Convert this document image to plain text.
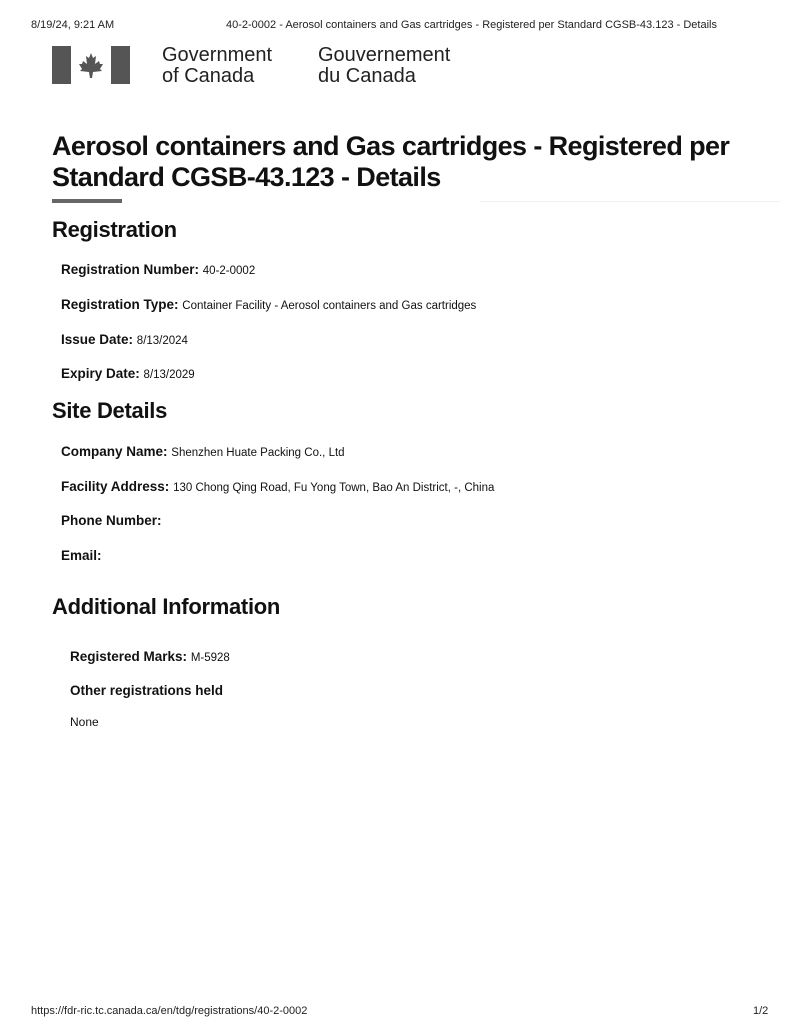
8/19/24, 9:21 AM	40-2-0002 - Aerosol containers and Gas cartridges - Registered per Standard CGSB-43.123 - Details
Government
of Canada
Gouvernement
du Canada
Aerosol containers and Gas cartridges - Registered per Standard CGSB-43.123 - Details
Registration
Registration Number: 40-2-0002
Registration Type: Container Facility - Aerosol containers and Gas cartridges
Issue Date: 8/13/2024
Expiry Date: 8/13/2029
Site Details
Company Name: Shenzhen Huate Packing Co., Ltd
Facility Address: 130 Chong Qing Road, Fu Yong Town, Bao An District, -, China
Phone Number:
Email:
Additional Information
Registered Marks: M-5928
Other registrations held
None
https://fdr-ric.tc.canada.ca/en/tdg/registrations/40-2-0002	1/2
